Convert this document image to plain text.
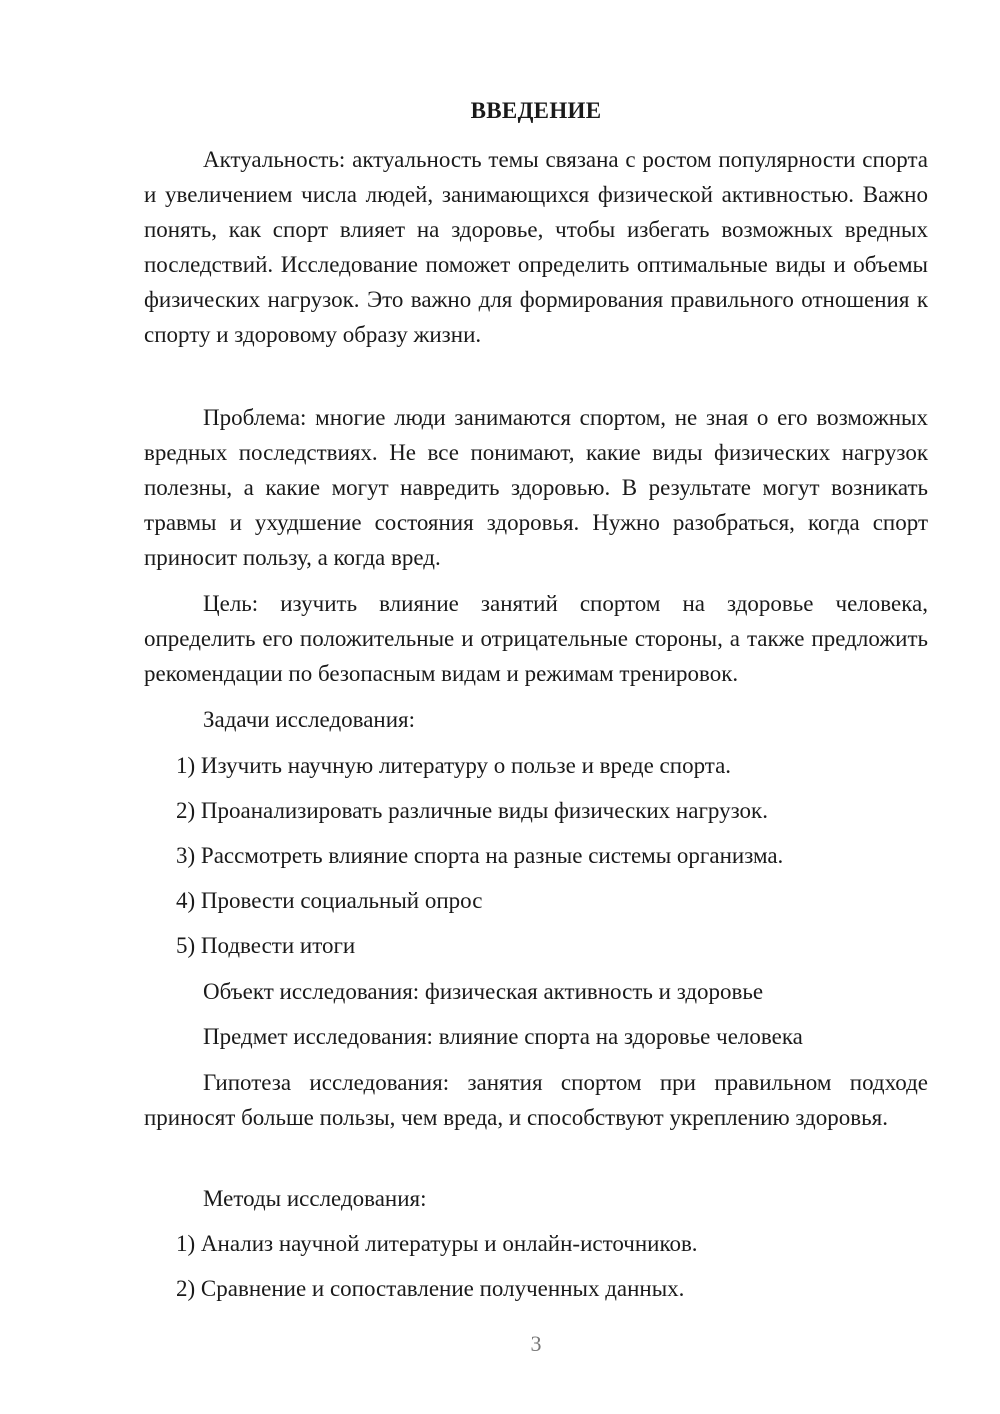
ВВЕДЕНИЕ

Актуальность: актуальность темы связана с ростом популярности спорта и увеличением числа людей, занимающихся физической активностью. Важно понять, как спорт влияет на здоровье, чтобы избегать возможных вредных последствий. Исследование поможет определить оптимальные виды и объемы физических нагрузок. Это важно для формирования правильного отношения к спорту и здоровому образу жизни.

Проблема: многие люди занимаются спортом, не зная о его возможных вредных последствиях. Не все понимают, какие виды физических нагрузок полезны, а какие могут навредить здоровью. В результате могут возникать травмы и ухудшение состояния здоровья. Нужно разобраться, когда спорт приносит пользу, а когда вред.

Цель: изучить влияние занятий спортом на здоровье человека, определить его положительные и отрицательные стороны, а также предложить рекомендации по безопасным видам и режимам тренировок.

Задачи исследования:

1) Изучить научную литературу о пользе и вреде спорта.

2) Проанализировать различные виды физических нагрузок.

3) Рассмотреть влияние спорта на разные системы организма.

4) Провести социальный опрос

5) Подвести итоги

Объект исследования: физическая активность и здоровье

Предмет исследования: влияние спорта на здоровье человека

Гипотеза исследования: занятия спортом при правильном подходе приносят больше пользы, чем вреда, и способствуют укреплению здоровья.

Методы исследования:

1) Анализ научной литературы и онлайн-источников.

2) Сравнение и сопоставление полученных данных.

3
